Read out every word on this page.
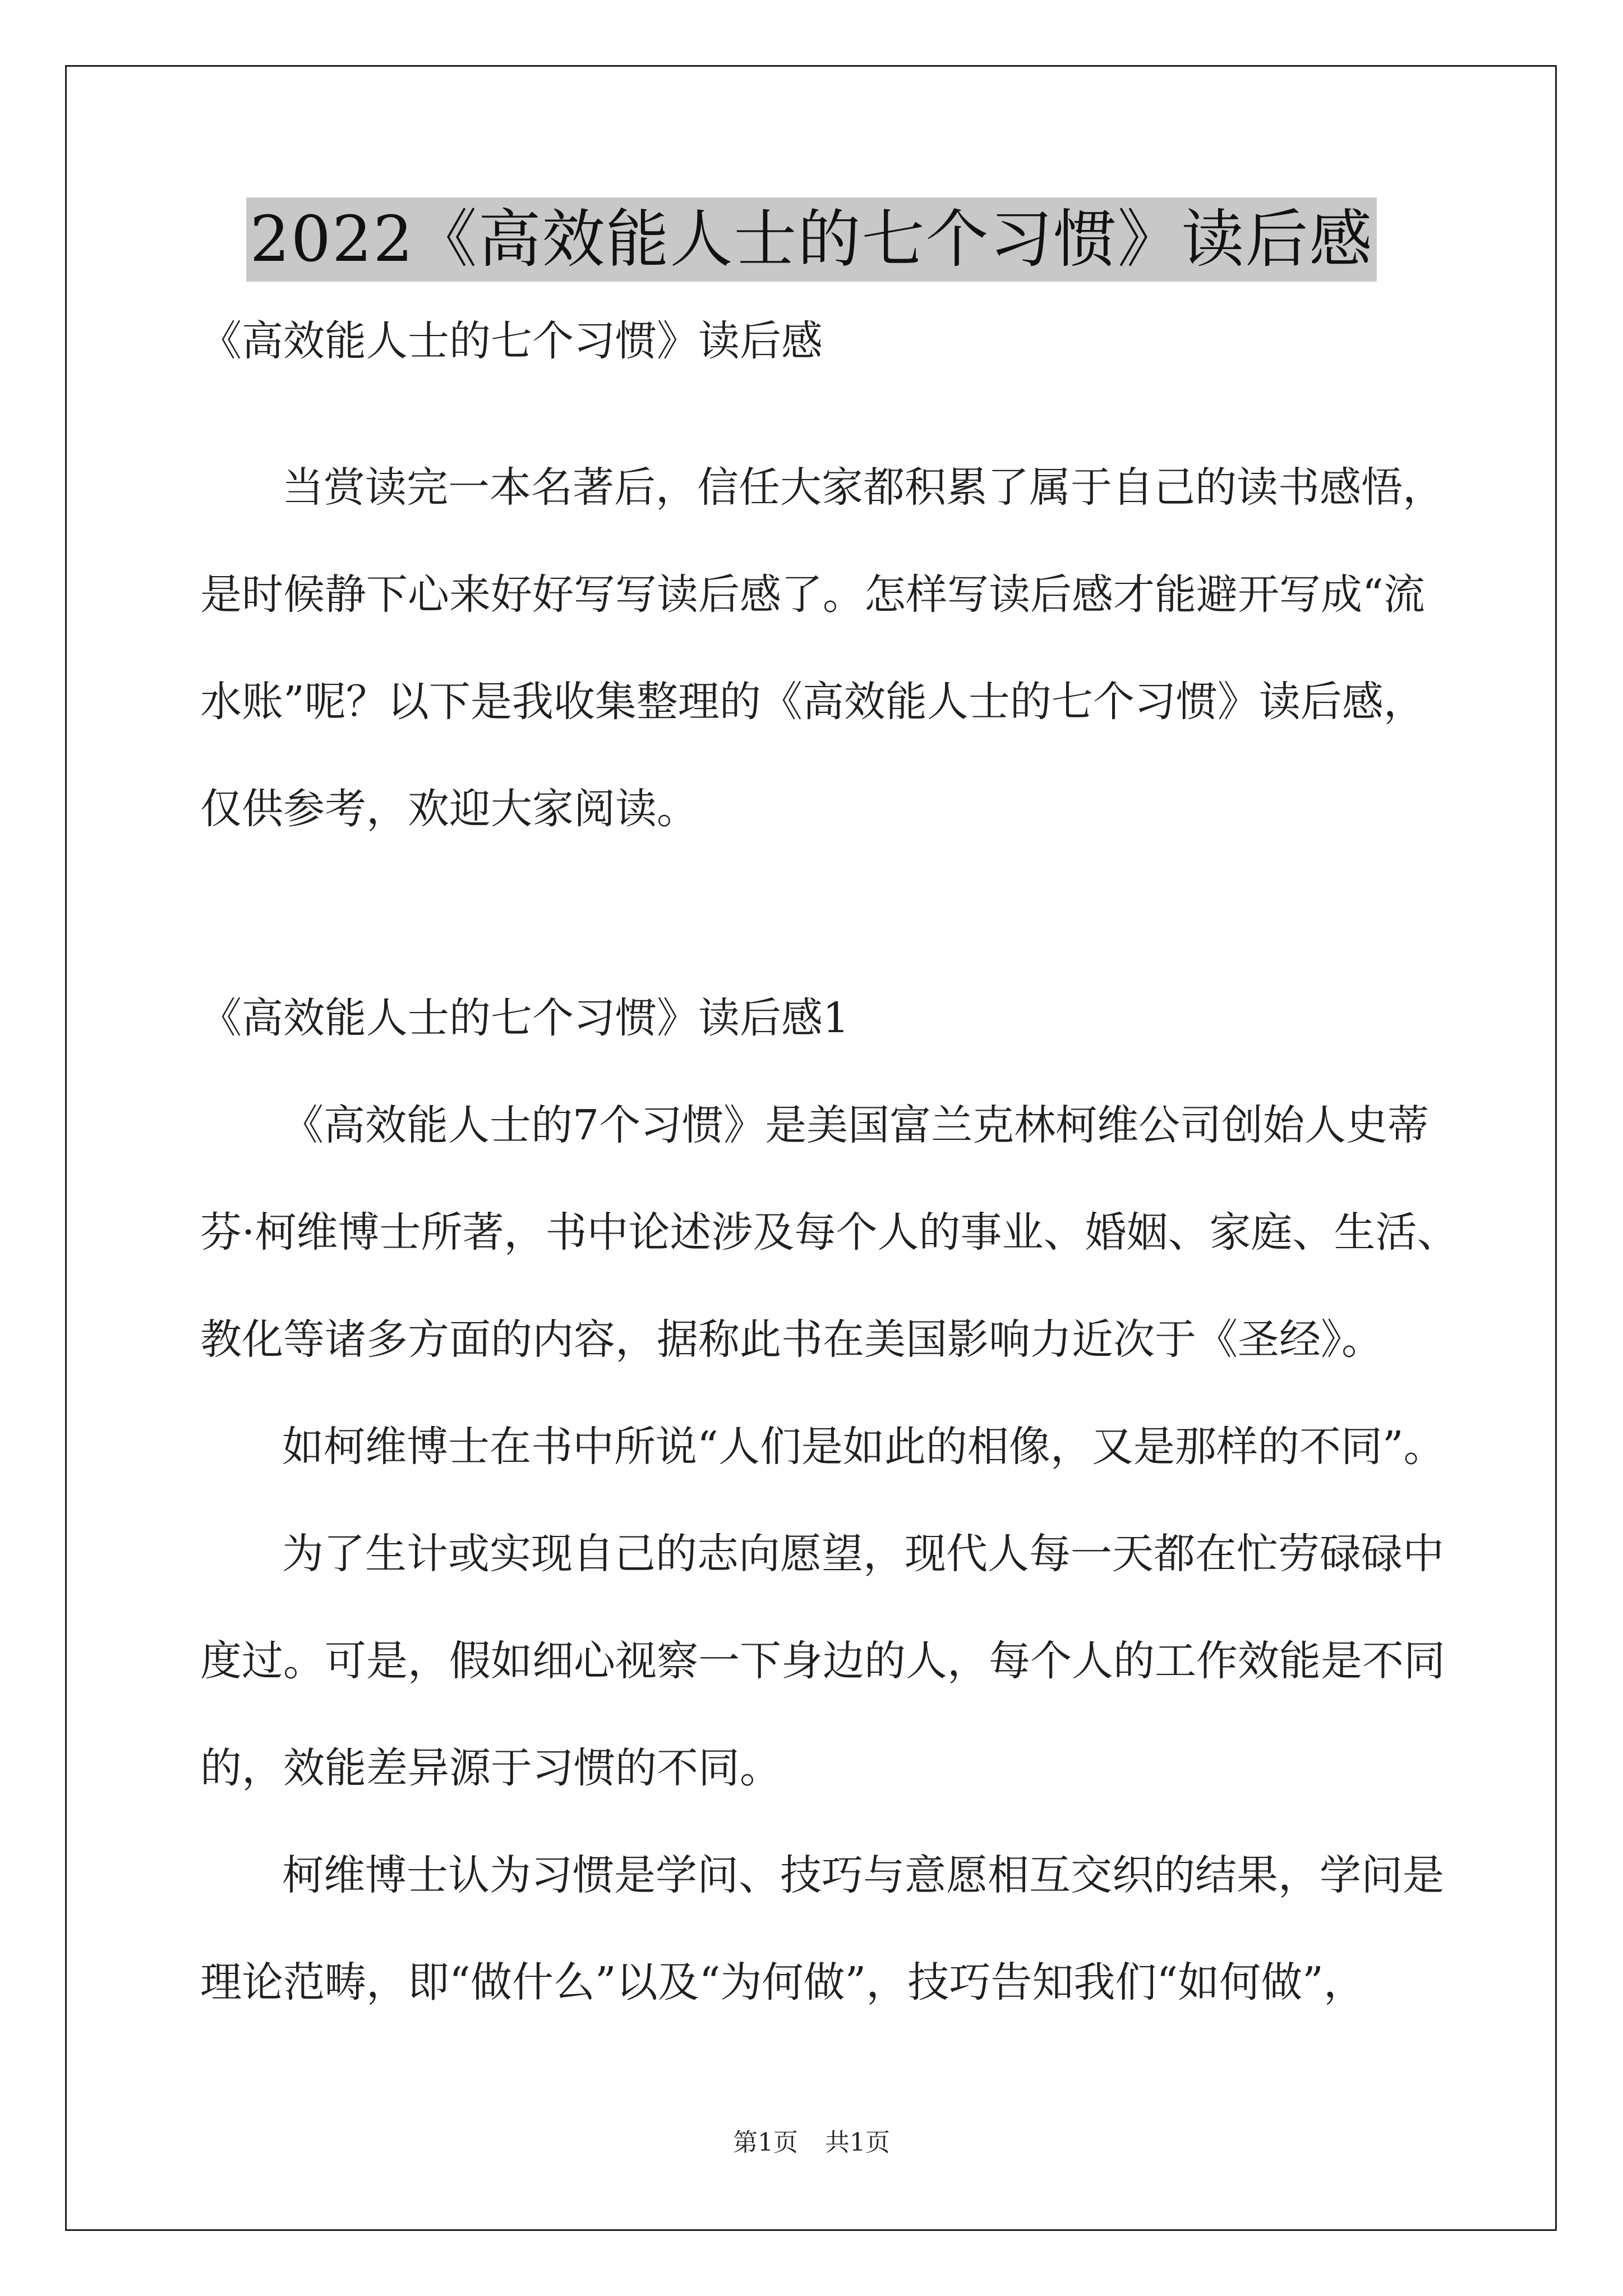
2022《高效能人士的七个习惯》读后感
《高效能人士的七个习惯》读后感
当赏读完一本名著后，信任大家都积累了属于自己的读书感悟，
是时候静下心来好好写写读后感了。怎样写读后感才能避开写成“流
水账”呢？以下是我收集整理的《高效能人士的七个习惯》读后感，
仅供参考，欢迎大家阅读。
《高效能人士的七个习惯》读后感1
《高效能人士的7个习惯》是美国富兰克林柯维公司创始人史蒂
芬·柯维博士所著，书中论述涉及每个人的事业、婚姻、家庭、生活、
教化等诸多方面的内容，据称此书在美国影响力近次于《圣经》。
如柯维博士在书中所说“人们是如此的相像，又是那样的不同”。
为了生计或实现自己的志向愿望，现代人每一天都在忙劳碌碌中
度过。可是，假如细心视察一下身边的人，每个人的工作效能是不同
的，效能差异源于习惯的不同。
柯维博士认为习惯是学问、技巧与意愿相互交织的结果，学问是
理论范畴，即“做什么”以及“为何做”，技巧告知我们“如何做”，
第1页 共1页
